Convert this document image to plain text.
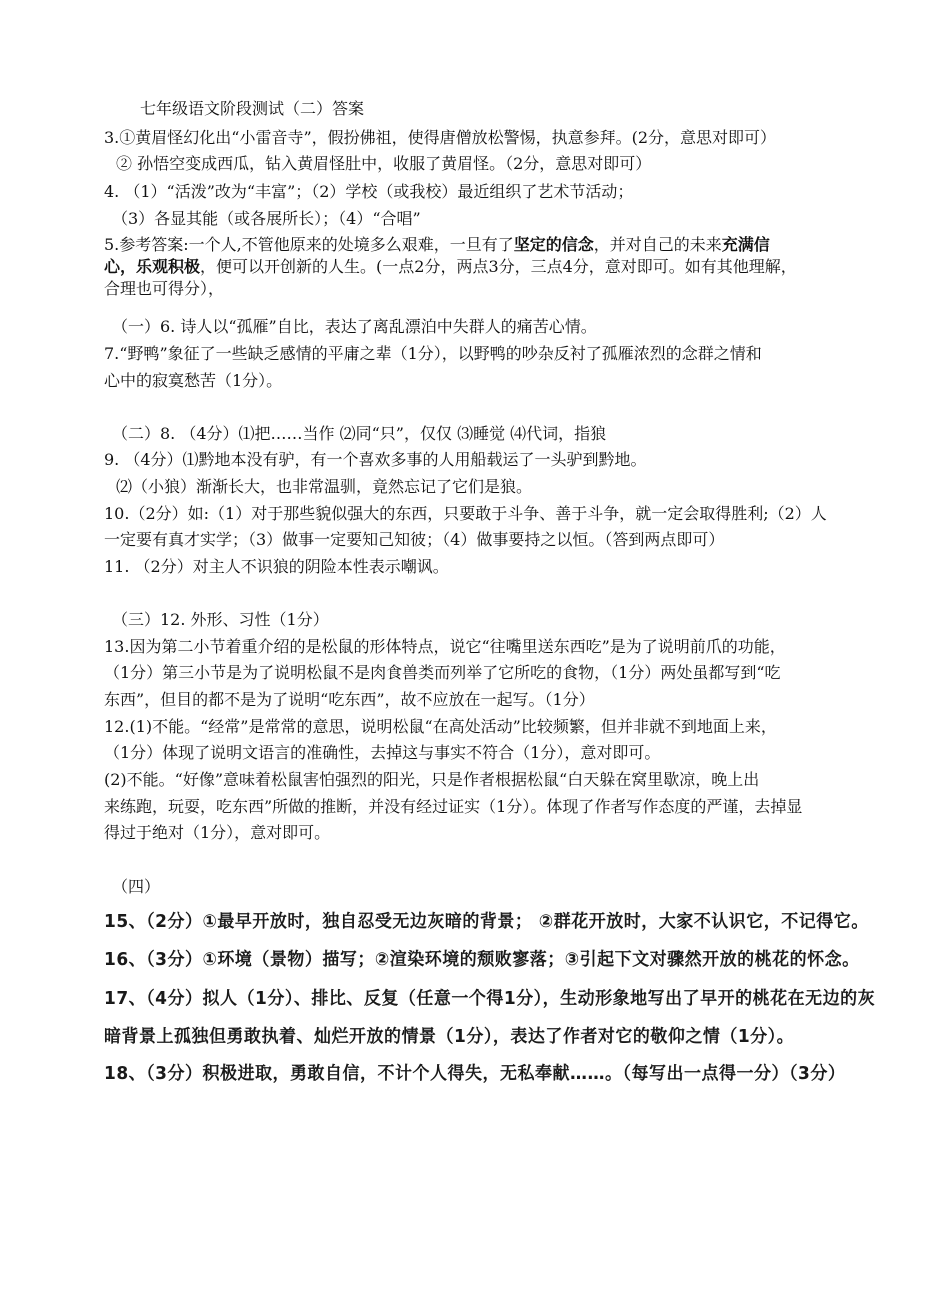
七年级语文阶段测试（二）答案
3.①黄眉怪幻化出“小雷音寺”，假扮佛祖，使得唐僧放松警惕，执意参拜。(2分，意思对即可）
② 孙悟空变成西瓜，钻入黄眉怪肚中，收服了黄眉怪。（2分，意思对即可）
4. （1）“活泼”改为“丰富”；（2）学校（或我校）最近组织了艺术节活动；
（3）各显其能（或各展所长）；（4）“合唱”
5.参考答案:一个人,不管他原来的处境多么艰难，一旦有了坚定的信念，并对自己的未来充满信
心，乐观积极，便可以开创新的人生。(一点2分，两点3分，三点4分，意对即可。如有其他理解，
合理也可得分），
（一）6. 诗人以“孤雁”自比，表达了离乱漂泊中失群人的痛苦心情。
7.“野鸭”象征了一些缺乏感情的平庸之辈（1分），以野鸭的吵杂反衬了孤雁浓烈的念群之情和
心中的寂寞愁苦（1分）。
（二）8. （4分）⑴把……当作 ⑵同“只”，仅仅 ⑶睡觉 ⑷代词，指狼
9. （4分）⑴黔地本没有驴，有一个喜欢多事的人用船载运了一头驴到黔地。
⑵（小狼）渐渐长大，也非常温驯，竟然忘记了它们是狼。
10.（2分）如:（1）对于那些貌似强大的东西，只要敢于斗争、善于斗争，就一定会取得胜利;（2）人
一定要有真才实学；（3）做事一定要知己知彼；（4）做事要持之以恒。（答到两点即可）
11. （2分）对主人不识狼的阴险本性表示嘲讽。
（三）12. 外形、习性（1分）
13.因为第二小节着重介绍的是松鼠的形体特点，说它“往嘴里送东西吃”是为了说明前爪的功能，
（1分）第三小节是为了说明松鼠不是肉食兽类而列举了它所吃的食物，（1分）两处虽都写到“吃
东西”，但目的都不是为了说明“吃东西”，故不应放在一起写。（1分）
12.(1)不能。“经常”是常常的意思，说明松鼠“在高处活动”比较频繁，但并非就不到地面上来，
（1分）体现了说明文语言的准确性，去掉这与事实不符合（1分），意对即可。
(2)不能。“好像”意味着松鼠害怕强烈的阳光，只是作者根据松鼠“白天躲在窝里歇凉，晚上出
来练跑，玩耍，吃东西”所做的推断，并没有经过证实（1分）。体现了作者写作态度的严谨，去掉显
得过于绝对（1分），意对即可。
（四）
15、（2分）①最早开放时，独自忍受无边灰暗的背景； ②群花开放时，大家不认识它，不记得它。
16、（3分）①环境（景物）描写；②渲染环境的颓败寥落；③引起下文对骤然开放的桃花的怀念。
17、（4分）拟人（1分）、排比、反复（任意一个得1分），生动形象地写出了早开的桃花在无边的灰
暗背景上孤独但勇敢执着、灿烂开放的情景（1分），表达了作者对它的敬仰之情（1分）。
18、（3分）积极进取，勇敢自信，不计个人得失，无私奉献……。（每写出一点得一分）（3分）
